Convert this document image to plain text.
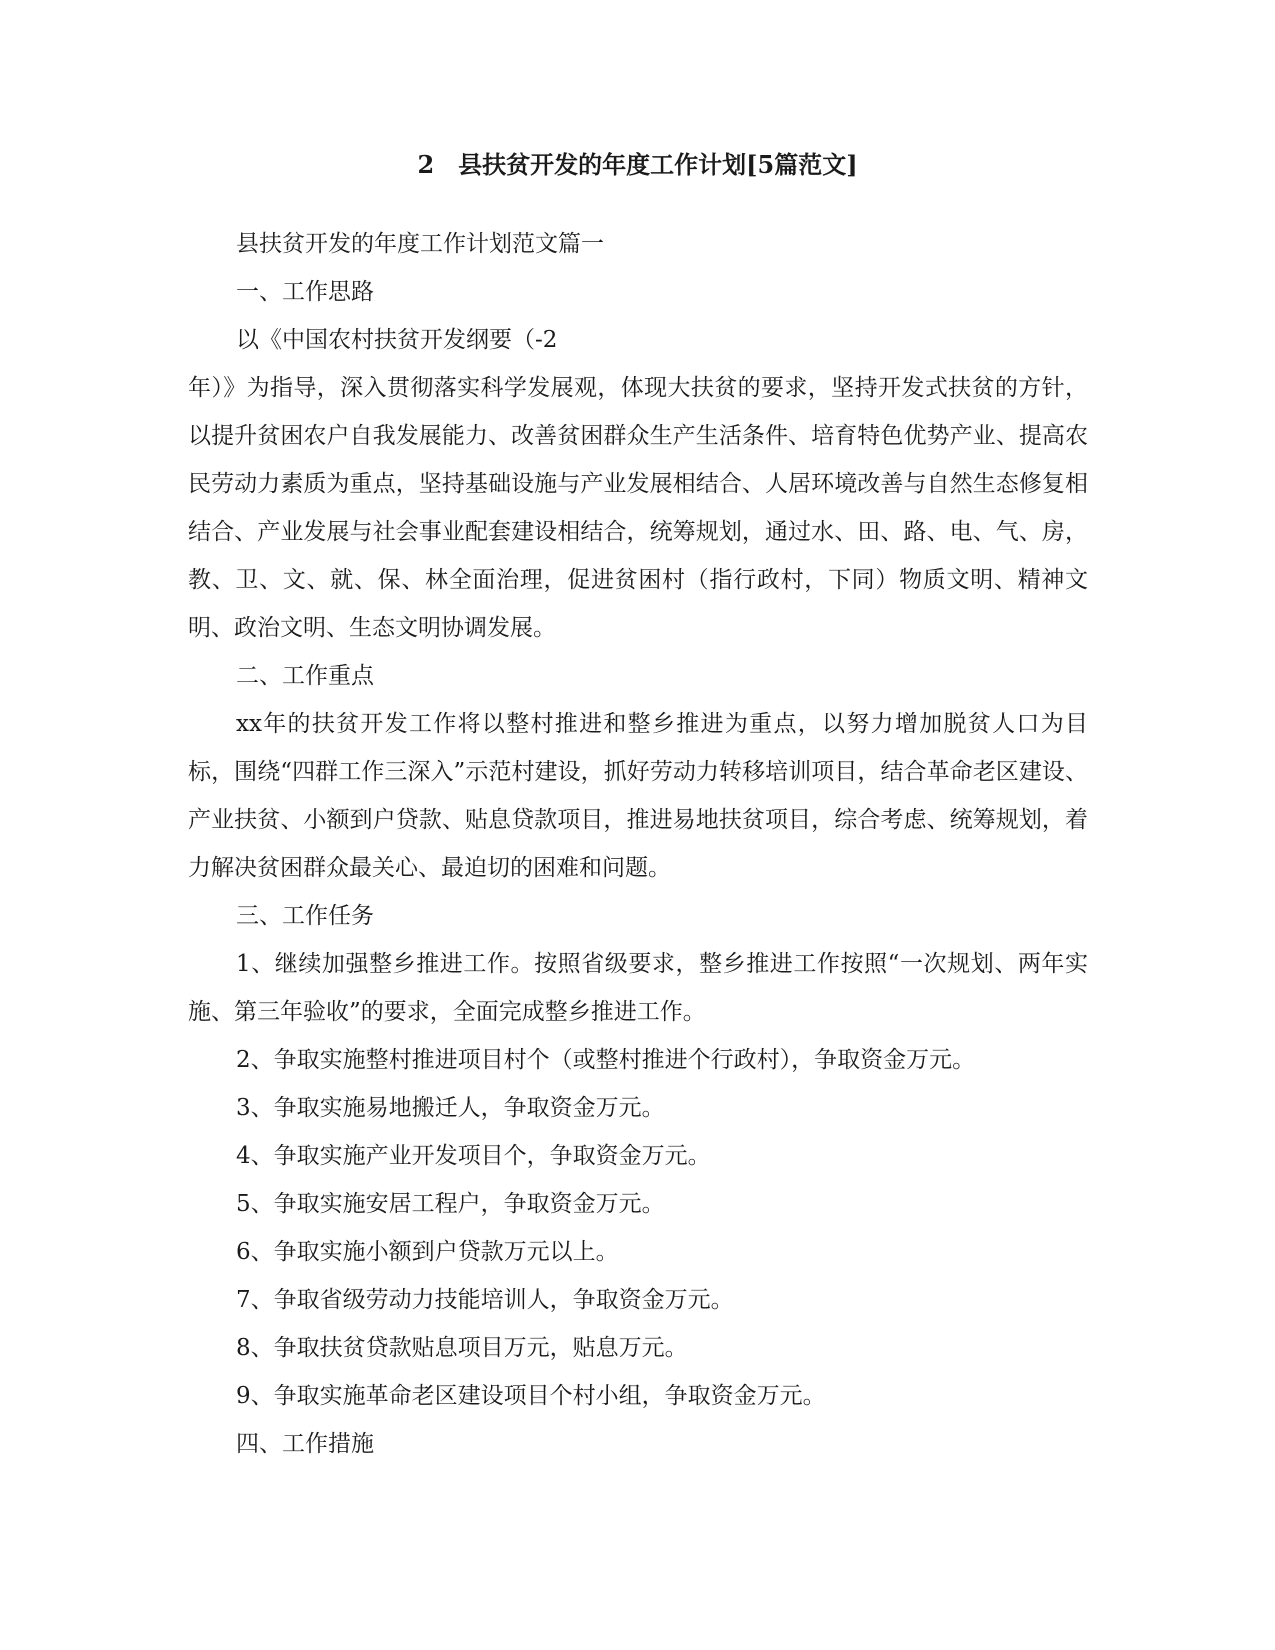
2　县扶贫开发的年度工作计划[5篇范文]

县扶贫开发的年度工作计划范文篇一

一、工作思路

以《中国农村扶贫开发纲要（-2

年）》为指导，深入贯彻落实科学发展观，体现大扶贫的要求，坚持开发式扶贫的方针，以提升贫困农户自我发展能力、改善贫困群众生产生活条件、培育特色优势产业、提高农民劳动力素质为重点，坚持基础设施与产业发展相结合、人居环境改善与自然生态修复相结合、产业发展与社会事业配套建设相结合，统筹规划，通过水、田、路、电、气、房，教、卫、文、就、保、林全面治理，促进贫困村（指行政村，下同）物质文明、精神文明、政治文明、生态文明协调发展。

二、工作重点

xx年的扶贫开发工作将以整村推进和整乡推进为重点，以努力增加脱贫人口为目标，围绕“四群工作三深入”示范村建设，抓好劳动力转移培训项目，结合革命老区建设、产业扶贫、小额到户贷款、贴息贷款项目，推进易地扶贫项目，综合考虑、统筹规划，着力解决贫困群众最关心、最迫切的困难和问题。

三、工作任务

1、继续加强整乡推进工作。按照省级要求，整乡推进工作按照“一次规划、两年实施、第三年验收”的要求，全面完成整乡推进工作。

2、争取实施整村推进项目村个（或整村推进个行政村），争取资金万元。

3、争取实施易地搬迁人，争取资金万元。

4、争取实施产业开发项目个，争取资金万元。

5、争取实施安居工程户，争取资金万元。

6、争取实施小额到户贷款万元以上。

7、争取省级劳动力技能培训人，争取资金万元。

8、争取扶贫贷款贴息项目万元，贴息万元。

9、争取实施革命老区建设项目个村小组，争取资金万元。

四、工作措施
